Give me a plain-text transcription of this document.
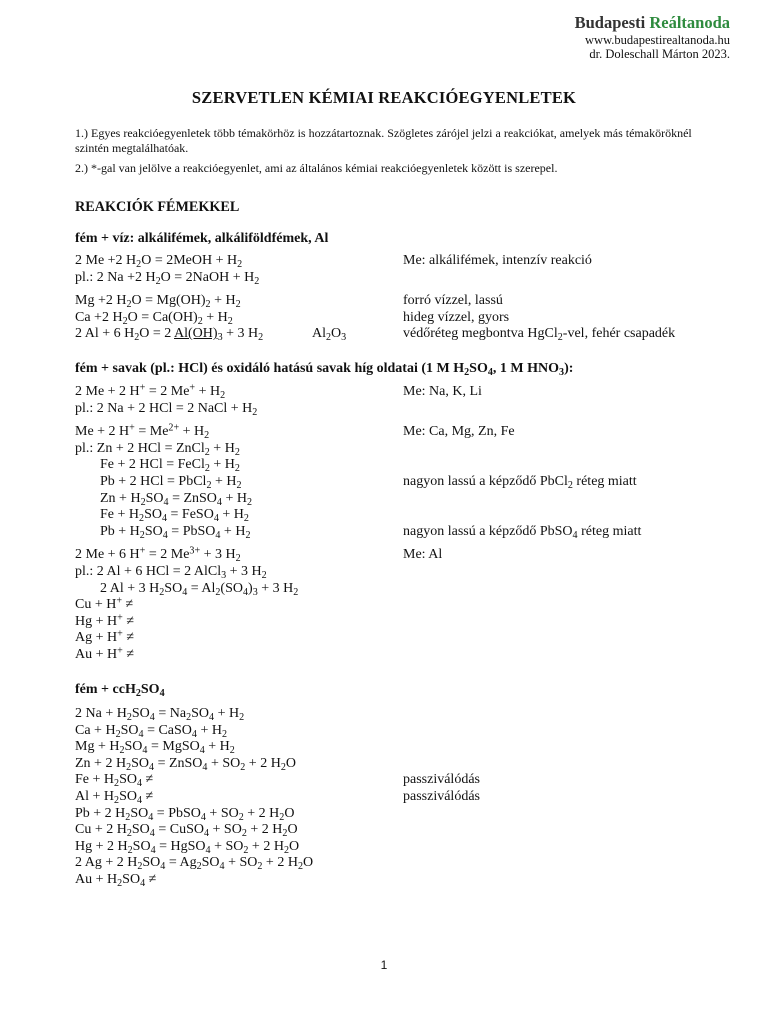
Budapesti Reáltanoda
www.budapestirealtanoda.hu
dr. Doleschall Márton 2023.
SZERVETLEN KÉMIAI REAKCIÓEGYENLETEK
1.) Egyes reakcióegyenletek több témakörhöz is hozzátartoznak. Szögletes zárójel jelzi a reakciókat, amelyek más témaköröknél szintén megtalálhatóak.
2.) *-gal van jelölve a reakcióegyenlet, ami az általános kémiai reakcióegyenletek között is szerepel.
REAKCIÓK FÉMEKKEL
fém + víz: alkálifémek, alkáliföldfémek, Al
2 Me +2 $H_2O$ = 2MeOH + $H_2$	Me: alkálifémek, intenzív reakció
pl.: 2 Na +2 $H_2O$ = 2NaOH + $H_2$
Mg +2 $H_2O = Mg(OH)_2 + H_2$	forró vízzel, lassú
Ca +2 $H_2O = Ca(OH)_2 + H_2$	hideg vízzel, gyors
2 Al + 6 $H_2O = 2$ $Al(OH)_3 + 3$ $H_2$	$Al_2O_3$	védőréteg megbontva HgCl$_2$-vel, fehér csapadék
fém + savak (pl.: HCl) és oxidáló hatású savak híg oldatai (1 M $H_2SO_4$, 1 M $HNO_3$):
2 Me + 2 H+ = 2 $Me^+ + H_2$	Me: Na, K, Li
pl.: 2 Na + 2 HCl = 2 NaCl + $H_2$
Me + 2 $H^+ = Me^{2+} + H_2$	Me: Ca, Mg, Zn, Fe
pl.: Zn + 2 HCl = ZnCl$_2$ + $H_2$
Fe + 2 HCl = FeCl$_2$ + $H_2$
Pb + 2 HCl = PbCl$_2$ + $H_2$	nagyon lassú a képződő PbCl$_2$ réteg miatt
$Zn + H_2SO_4$ = ZnSO$_4$ + $H_2$
$Fe + H_2SO_4$ = FeSO$_4$ + $H_2$
$Pb + H_2SO_4$ = PbSO$_4$ + $H_2$	nagyon lassú a képződő PbSO$_4$ réteg miatt
2 Me + 6 H+ = 2 $Me^{3+} + 3$ $H_2$	Me: Al
pl.: 2 Al + 6 HCl = 2 AlCl$_3$ + 3 $H_2$
2 Al + 3 $H_2SO_4 = Al_2(SO_4)_3 + 3$ $H_2$
Cu + H+ ≠
Hg + H+ ≠
Ag + H+ ≠
Au + H+ ≠
fém + $ccH_2SO_4$
2 $Na + H_2SO_4 = Na_2SO_4 + H_2$
$Ca + H_2SO_4$ = CaSO$_4$ + $H_2$
$Mg + H_2SO_4$ = MgSO$_4$ + $H_2$
Zn + 2 $H_2SO_4$ = ZnSO$_4$ + $SO_2 + 2$ $H_2O$
$Fe + H_2SO_4$ ≠	passziválódás
$Al + H_2SO_4$ ≠	passziválódás
Pb + 2 $H_2SO_4$ = PbSO$_4$ + $SO_2 + 2$ $H_2O$
Cu + 2 $H_2SO_4$ = CuSO$_4$ + $SO_2 + 2$ $H_2O$
Hg + 2 $H_2SO_4$ = HgSO$_4$ + $SO_2 + 2$ $H_2O$
2 Ag + 2 $H_2SO_4 = Ag_2SO_4 + SO_2 + 2$ $H_2O$
$Au + H_2SO_4$ ≠
1
